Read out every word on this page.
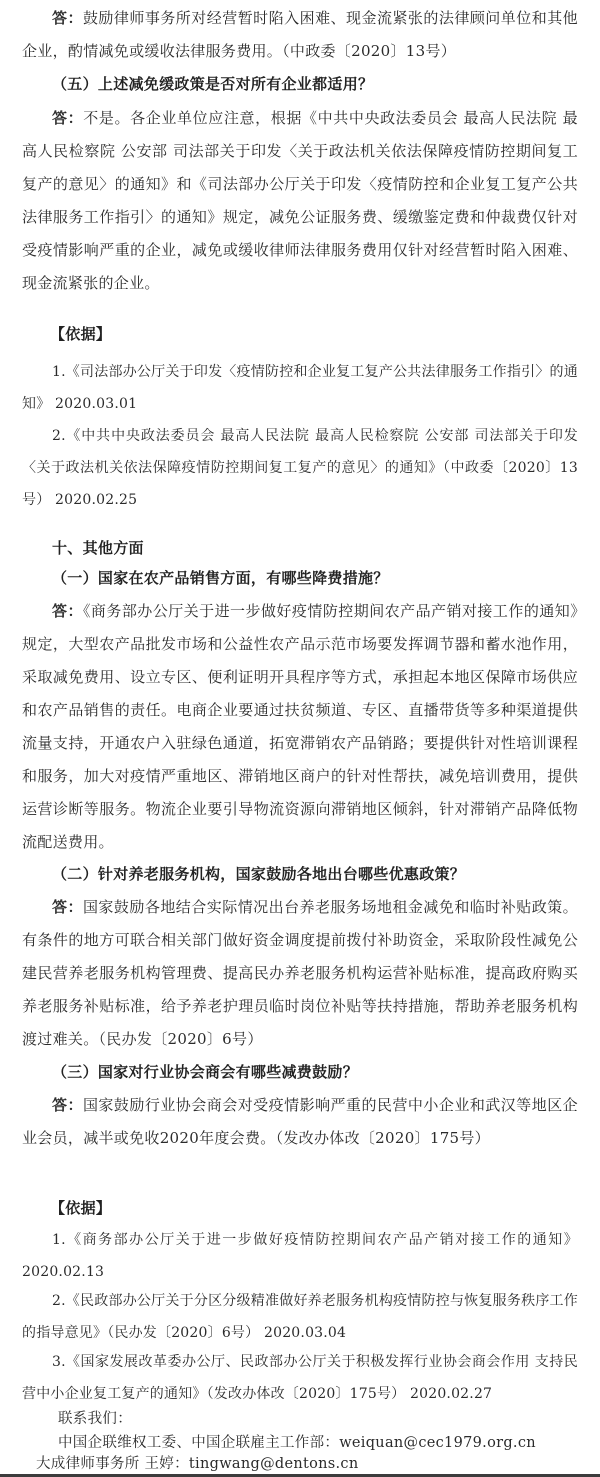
答：鼓励律师事务所对经营暂时陷入困难、现金流紧张的法律顾问单位和其他企业，酌情减免或缓收法律服务费用。（中政委〔2020〕13号）

（五）上述减免缓政策是否对所有企业都适用？

答：不是。各企业单位应注意，根据《中共中央政法委员会 最高人民法院 最高人民检察院 公安部 司法部关于印发〈关于政法机关依法保障疫情防控期间复工复产的意见〉的通知》和《司法部办公厅关于印发〈疫情防控和企业复工复产公共法律服务工作指引〉的通知》规定，减免公证服务费、缓缴鉴定费和仲裁费仅针对受疫情影响严重的企业，减免或缓收律师法律服务费用仅针对经营暂时陷入困难、现金流紧张的企业。

【依据】

1.《司法部办公厅关于印发〈疫情防控和企业复工复产公共法律服务工作指引〉的通知》 2020.03.01

2.《中共中央政法委员会 最高人民法院 最高人民检察院 公安部 司法部关于印发〈关于政法机关依法保障疫情防控期间复工复产的意见〉的通知》（中政委〔2020〕13号） 2020.02.25

十、其他方面

（一）国家在农产品销售方面，有哪些降费措施？

答：《商务部办公厅关于进一步做好疫情防控期间农产品产销对接工作的通知》规定，大型农产品批发市场和公益性农产品示范市场要发挥调节器和蓄水池作用，采取减免费用、设立专区、便利证明开具程序等方式，承担起本地区保障市场供应和农产品销售的责任。电商企业要通过扶贫频道、专区、直播带货等多种渠道提供流量支持，开通农户入驻绿色通道，拓宽滞销农产品销路；要提供针对性培训课程和服务，加大对疫情严重地区、滞销地区商户的针对性帮扶，减免培训费用，提供运营诊断等服务。物流企业要引导物流资源向滞销地区倾斜，针对滞销产品降低物流配送费用。

（二）针对养老服务机构，国家鼓励各地出台哪些优惠政策？

答：国家鼓励各地结合实际情况出台养老服务场地租金减免和临时补贴政策。有条件的地方可联合相关部门做好资金调度提前拨付补助资金，采取阶段性减免公建民营养老服务机构管理费、提高民办养老服务机构运营补贴标准，提高政府购买养老服务补贴标准，给予养老护理员临时岗位补贴等扶持措施，帮助养老服务机构渡过难关。（民办发〔2020〕6号）

（三）国家对行业协会商会有哪些减费鼓励？

答：国家鼓励行业协会商会对受疫情影响严重的民营中小企业和武汉等地区企业会员，减半或免收2020年度会费。（发改办体改〔2020〕175号）

【依据】

1.《商务部办公厅关于进一步做好疫情防控期间农产品产销对接工作的通知》 2020.02.13

2.《民政部办公厅关于分区分级精准做好养老服务机构疫情防控与恢复服务秩序工作的指导意见》（民办发〔2020〕6号） 2020.03.04

3.《国家发展改革委办公厅、民政部办公厅关于积极发挥行业协会商会作用 支持民营中小企业复工复产的通知》（发改办体改〔2020〕175号） 2020.02.27

联系我们：

中国企联维权工委、中国企联雇主工作部：weiquan@cec1979.org.cn

大成律师事务所 王婷：tingwang@dentons.cn
